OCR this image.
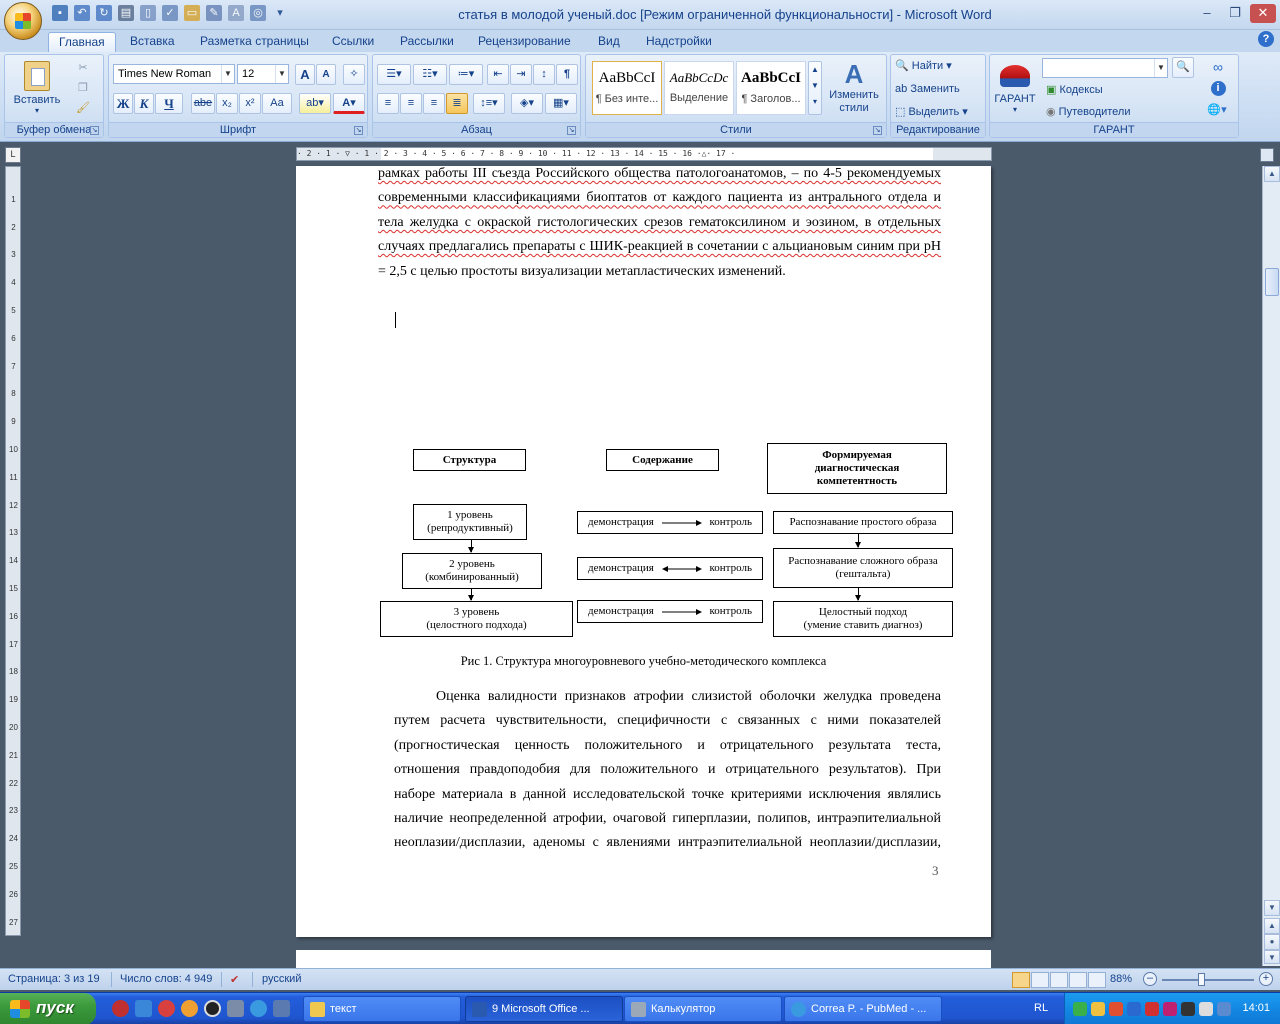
▪	↶	↻	▤	▯	✓	▭	✎	A	◎	▾	статья в молодой ученый.doc [Режим ограниченной функциональности] - Microsoft Word	–	❐	✕
Главная	Вставка	Разметка страницы	Ссылки	Рассылки	Рецензирование	Вид	Надстройки	?
Вставить
▾
✂
❐
🖌
Буфер обмена ↘
Times New Roman	▼ 12	▼	A	A	✧
Ж К	Ч	abe x₂	x²	Aa	ab▾	A▾
Шрифт	↘
☰▾	☷▾	≔▾	⇤	⇥	↕	¶
≡	≡	≡	≣	↕≡▾	◈▾	▦▾
Абзац	↘
AaBbCcI
¶ Без инте...
AaBbCcDc
Выделение
AaBbCcI
¶ Заголов...
▲
▼
▾
A
Изменить стили
Стили	↘
🔍 Найти ▾
ab Заменить
⬚ Выделить ▾
Редактирование
ГАРАНТ
▾
▼	🔍
▣ Кодексы
◉ Путеводители
∞
i
🌐▾
ГАРАНТ
L	· 2 · 1 · ▽ · 1 · 2 · 3 · 4 · 5 · 6 · 7 · 8 · 9 · 10 · 11 · 12 · 13 · 14 · 15 · 16 ·△· 17 ·
1
2
3
4
5
6
7
8
9
10
11
12
13
14
15
16
17
18
19
20
21
22
23
24
25
26
27
рамках работы III съезда Российского общества патологоанатомов, – по 4-5 рекомендуемых
современными классификациями биоптатов от каждого пациента из антрального отдела и
тела желудка с окраской гистологических срезов гематоксилином и эозином, в отдельных
случаях предлагались препараты с ШИК-реакцией в сочетании с альциановым синим при pH
= 2,5 с целью простоты визуализации метапластических изменений.
Структура	Содержание	Формируемая
диагностическая
компетентность
1 уровень
(репродуктивный)
2 уровень
(комбинированный)
3 уровень
(целостного подхода)
демонстрация	контроль
демонстрация	контроль
демонстрация	контроль
Распознавание простого образа
Распознавание сложного образа
(гештальта)
Целостный подход
(умение ставить диагноз)
Рис 1. Структура многоуровневого учебно-методического комплекса
Оценка валидности признаков атрофии слизистой оболочки желудка проведена
путем расчета чувствительности, специфичности с связанных с ними показателей
(прогностическая ценность положительного и отрицательного результата теста,
отношения правдоподобия для положительного и отрицательного результатов). При
наборе материала в данной исследовательской точке критериями исключения являлись
наличие неопределенной атрофии, очаговой гиперплазии, полипов, интраэпителиальной
неоплазии/дисплазии, аденомы с явлениями интраэпителиальной неоплазии/дисплазии,
3
▲
▼
▲
●
▼
Страница: 3 из 19 Число слов: 4 949 ✔ русский	88%	–	+
пуск	текст	9 Microsoft Office ...	Калькулятор	Correa P. - PubMed - ...	RL	14:01
